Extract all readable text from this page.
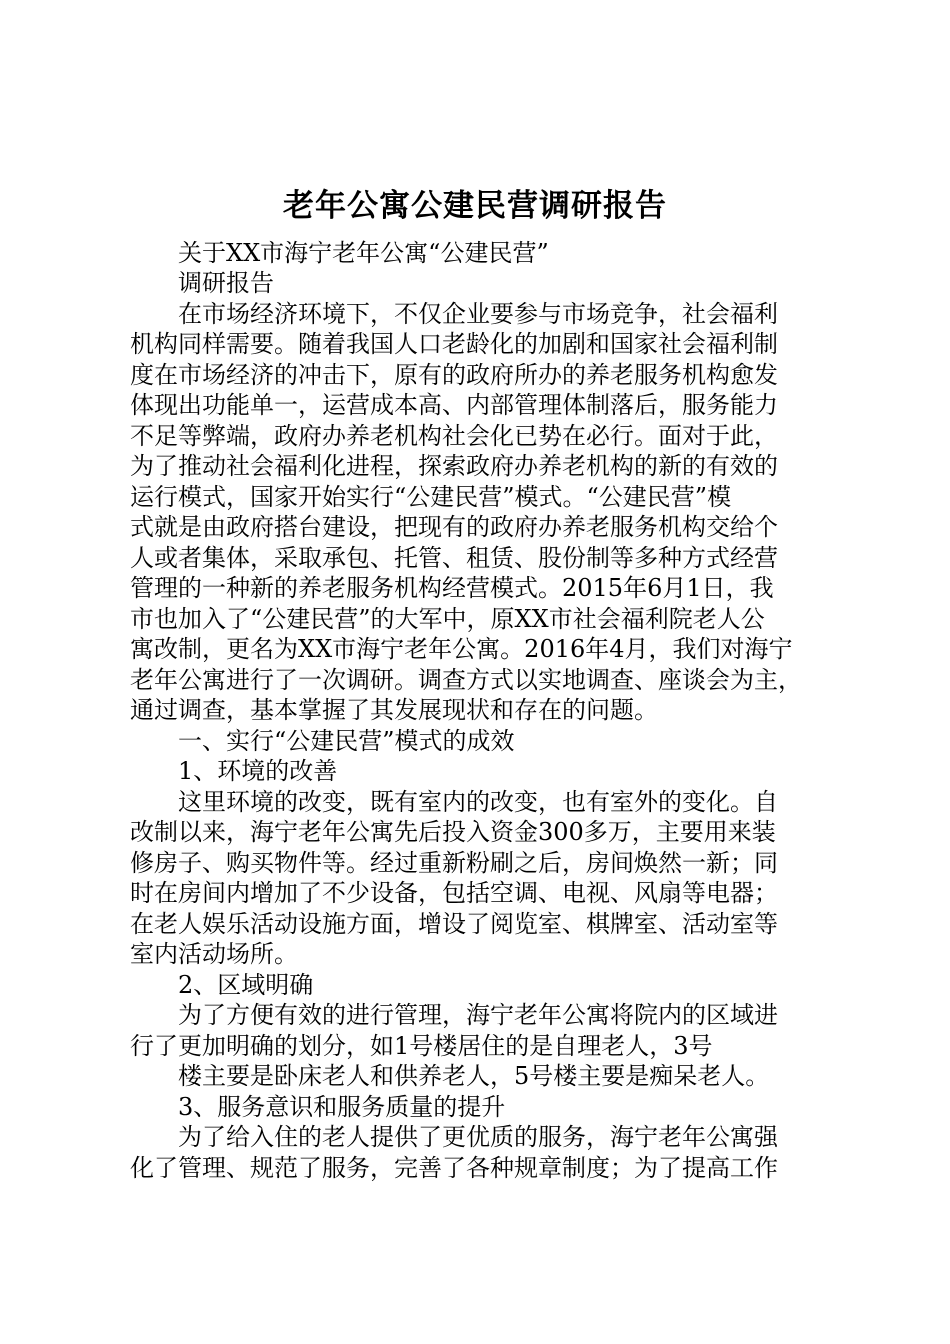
老年公寓公建民营调研报告
关于XX市海宁老年公寓“公建民营”
调研报告
在市场经济环境下，不仅企业要参与市场竞争，社会福利
机构同样需要。随着我国人口老龄化的加剧和国家社会福利制
度在市场经济的冲击下，原有的政府所办的养老服务机构愈发
体现出功能单一，运营成本高、内部管理体制落后，服务能力
不足等弊端，政府办养老机构社会化已势在必行。面对于此，
为了推动社会福利化进程，探索政府办养老机构的新的有效的
运行模式，国家开始实行“公建民营”模式。“公建民营”模
式就是由政府搭台建设，把现有的政府办养老服务机构交给个
人或者集体，采取承包、托管、租赁、股份制等多种方式经营
管理的一种新的养老服务机构经营模式。2015年6月1日，我
市也加入了“公建民营”的大军中，原XX市社会福利院老人公
寓改制，更名为XX市海宁老年公寓。2016年4月，我们对海宁
老年公寓进行了一次调研。调查方式以实地调查、座谈会为主，
通过调查，基本掌握了其发展现状和存在的问题。
一、实行“公建民营”模式的成效
1、环境的改善
这里环境的改变，既有室内的改变，也有室外的变化。自
改制以来，海宁老年公寓先后投入资金300多万，主要用来装
修房子、购买物件等。经过重新粉刷之后，房间焕然一新；同
时在房间内增加了不少设备，包括空调、电视、风扇等电器；
在老人娱乐活动设施方面，增设了阅览室、棋牌室、活动室等
室内活动场所。
2、区域明确
为了方便有效的进行管理，海宁老年公寓将院内的区域进
行了更加明确的划分，如1号楼居住的是自理老人，3号
楼主要是卧床老人和供养老人，5号楼主要是痴呆老人。
3、服务意识和服务质量的提升
为了给入住的老人提供了更优质的服务，海宁老年公寓强
化了管理、规范了服务，完善了各种规章制度；为了提高工作
